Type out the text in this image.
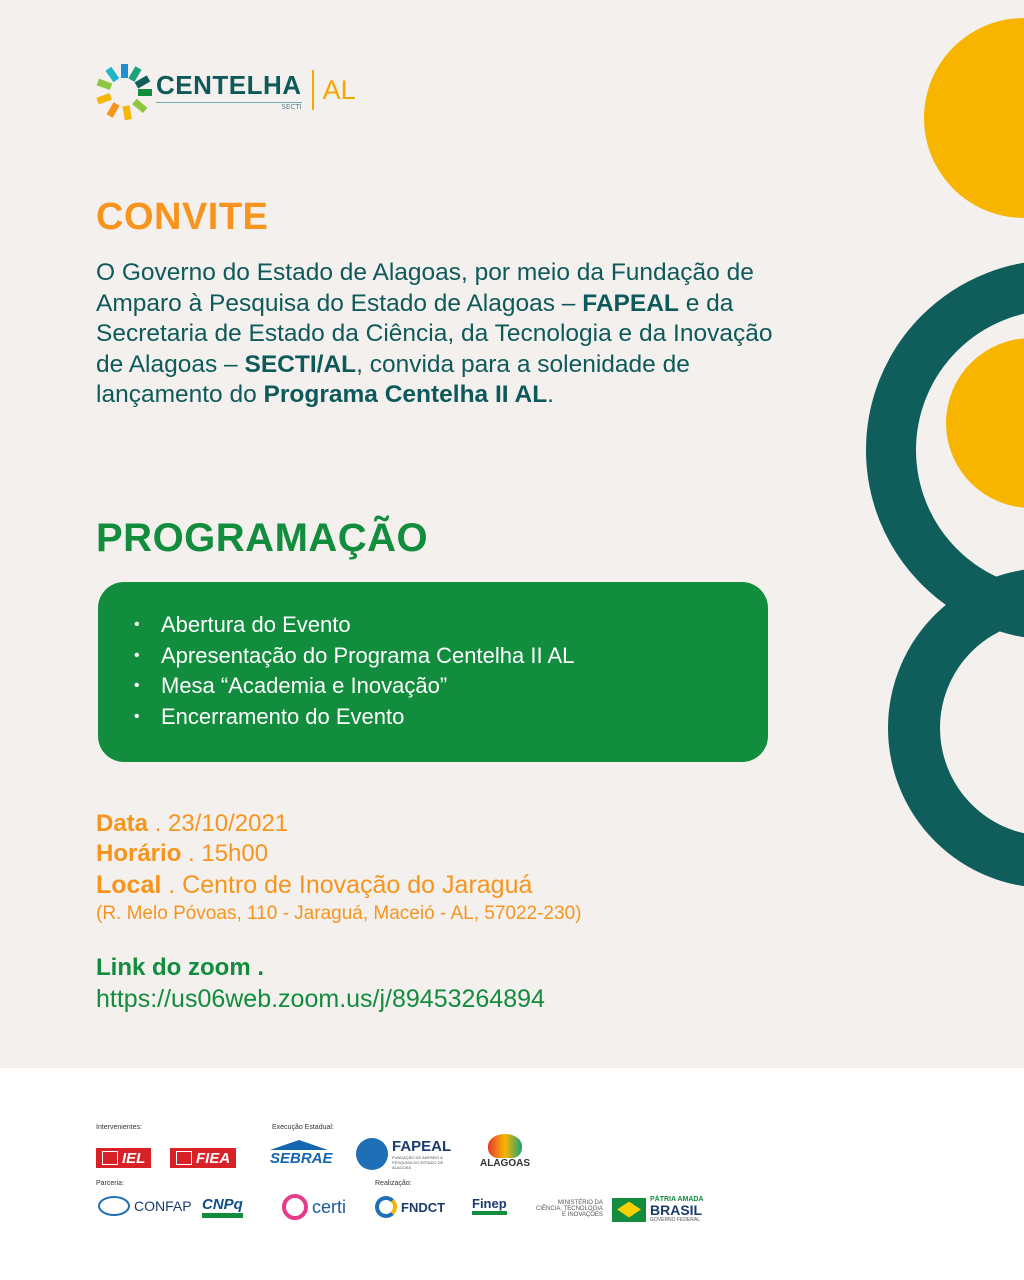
CENTELHA
SECTI
AL
CONVITE

O Governo do Estado de Alagoas, por meio da Fundação de Amparo à Pesquisa do Estado de Alagoas – FAPEAL e da Secretaria de Estado da Ciência, da Tecnologia e da Inovação de Alagoas – SECTI/AL, convida para a solenidade de lançamento do Programa Centelha II AL.

PROGRAMAÇÃO
• Abertura do Evento
• Apresentação do Programa Centelha II AL
• Mesa “Academia e Inovação”
• Encerramento do Evento
Data . 23/10/2021
Horário . 15h00
Local . Centro de Inovação do Jaraguá
(R. Melo Póvoas, 110 - Jaraguá, Maceió - AL, 57022-230)
Link do zoom .
https://us06web.zoom.us/j/89453264894
Intervenientes:	Execução Estadual:
Parceria:	Realização:
IEL	FIEA	SEBRAE
FAPEAL
FUNDAÇÃO DE AMPARO À PESQUISA DO ESTADO DE ALAGOAS	ALAGOAS
CONFAP CNPq	certi	FNDCT Finep	MINISTÉRIO DA
CIÊNCIA, TECNOLOGIA
E INOVAÇÕES
PÁTRIA AMADA
BRASIL
GOVERNO FEDERAL
